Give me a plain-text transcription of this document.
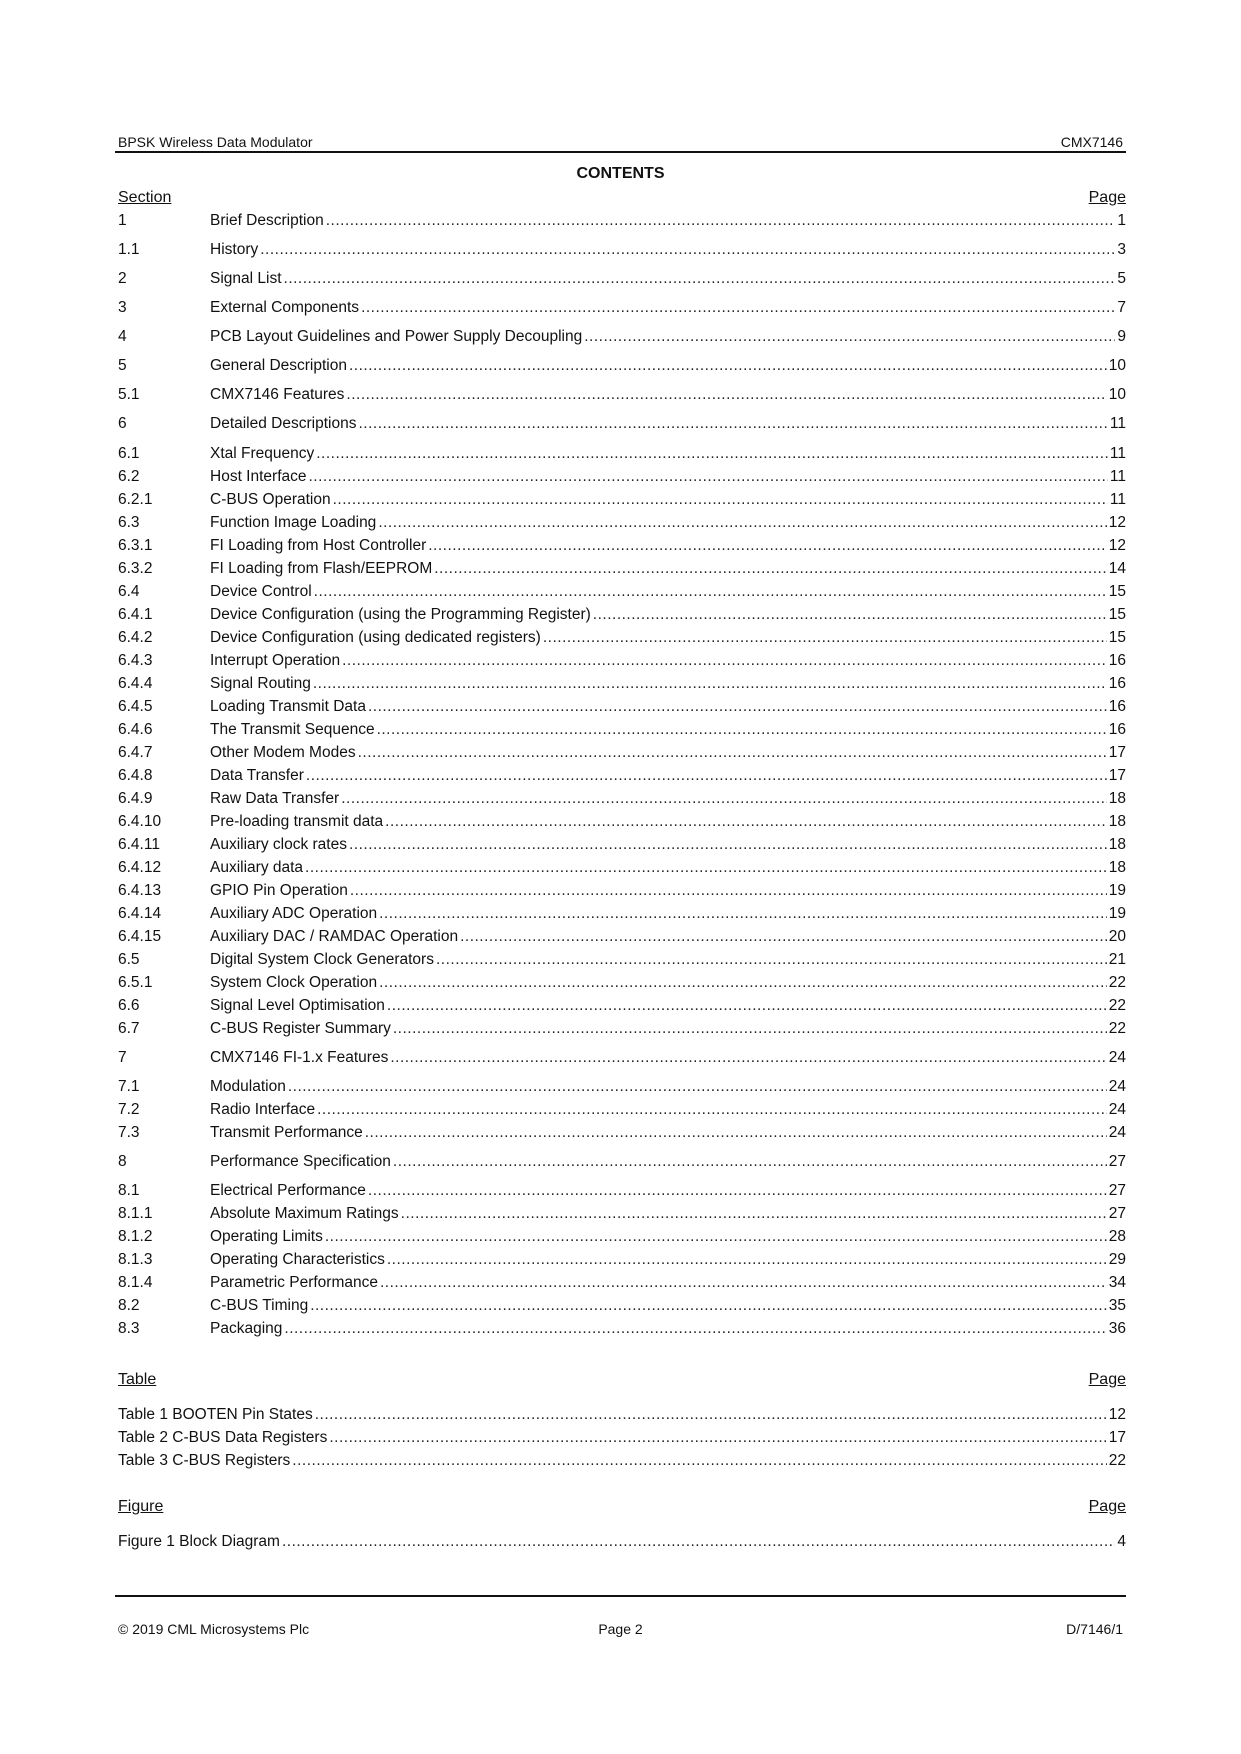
BPSK Wireless Data Modulator	CMX7146
CONTENTS
Section	Page
1	Brief Description .....	1
1.1	History .....	3
2	Signal List .....	5
3	External Components .....	7
4	PCB Layout Guidelines and Power Supply Decoupling .....	9
5	General Description .....	10
5.1	CMX7146 Features .....	10
6	Detailed Descriptions .....	11
6.1	Xtal Frequency .....	11
6.2	Host Interface .....	11
6.2.1	C-BUS Operation .....	11
6.3	Function Image Loading .....	12
6.3.1	FI Loading from Host Controller .....	12
6.3.2	FI Loading from Flash/EEPROM .....	14
6.4	Device Control .....	15
6.4.1	Device Configuration (using the Programming Register) .....	15
6.4.2	Device Configuration (using dedicated registers) .....	15
6.4.3	Interrupt Operation .....	16
6.4.4	Signal Routing .....	16
6.4.5	Loading Transmit Data .....	16
6.4.6	The Transmit Sequence .....	16
6.4.7	Other Modem Modes .....	17
6.4.8	Data Transfer .....	17
6.4.9	Raw Data Transfer .....	18
6.4.10	Pre-loading transmit data .....	18
6.4.11	Auxiliary clock rates .....	18
6.4.12	Auxiliary data .....	18
6.4.13	GPIO Pin Operation .....	19
6.4.14	Auxiliary ADC Operation .....	19
6.4.15	Auxiliary DAC / RAMDAC Operation .....	20
6.5	Digital System Clock Generators .....	21
6.5.1	System Clock Operation .....	22
6.6	Signal Level Optimisation .....	22
6.7	C-BUS Register Summary .....	22
7	CMX7146 FI-1.x Features .....	24
7.1	Modulation .....	24
7.2	Radio Interface .....	24
7.3	Transmit Performance .....	24
8	Performance Specification .....	27
8.1	Electrical Performance .....	27
8.1.1	Absolute Maximum Ratings .....	27
8.1.2	Operating Limits .....	28
8.1.3	Operating Characteristics .....	29
8.1.4	Parametric Performance .....	34
8.2	C-BUS Timing .....	35
8.3	Packaging .....	36
Table	Page
Table 1 BOOTEN Pin States .....	12
Table 2 C-BUS Data Registers .....	17
Table 3 C-BUS Registers .....	22
Figure	Page
Figure 1 Block Diagram .....	4
© 2019 CML Microsystems Plc	Page 2	D/7146/1
